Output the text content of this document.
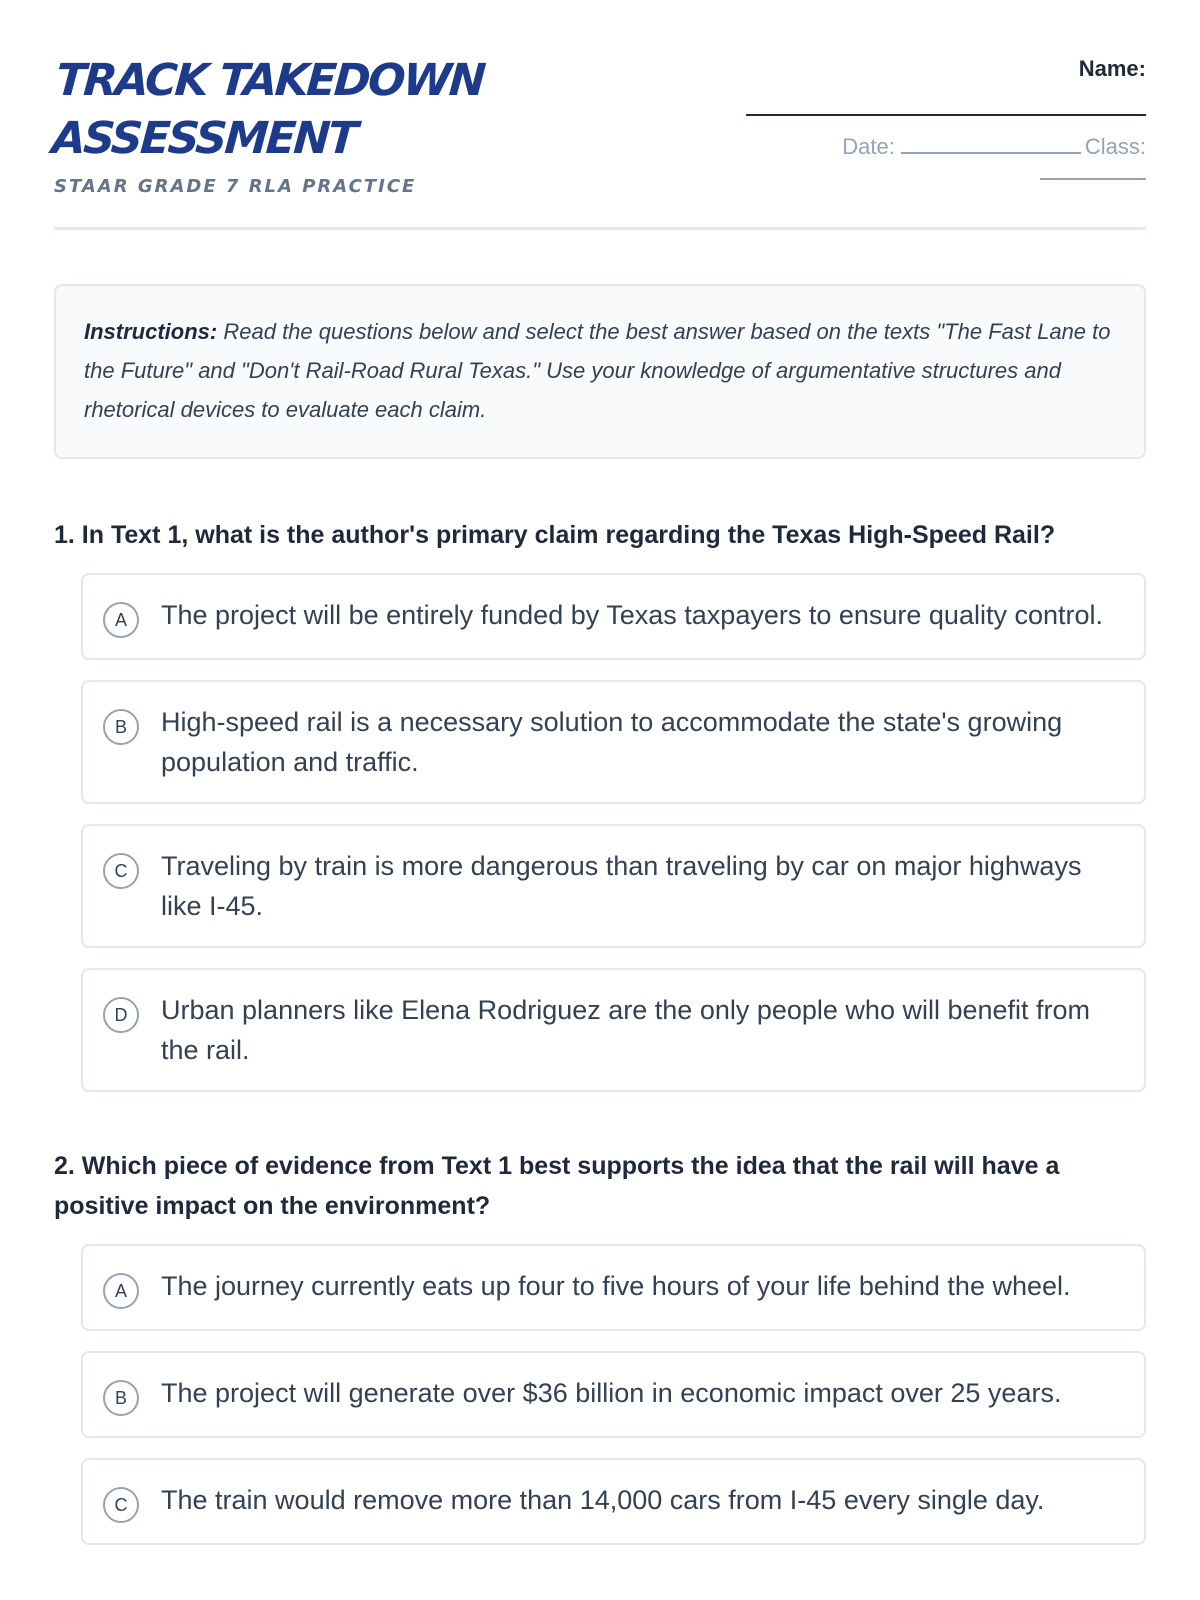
TRACK TAKEDOWN ASSESSMENT
STAAR GRADE 7 RLA PRACTICE
Name:
Date:	Class:
Instructions: Read the questions below and select the best answer based on the texts "The Fast Lane to the Future" and "Don't Rail-Road Rural Texas." Use your knowledge of argumentative structures and rhetorical devices to evaluate each claim.

1. In Text 1, what is the author's primary claim regarding the Texas High-Speed Rail?

A	The project will be entirely funded by Texas taxpayers to ensure quality control.
B	High-speed rail is a necessary solution to accommodate the state's growing population and traffic.
C	Traveling by train is more dangerous than traveling by car on major highways like I-45.
D	Urban planners like Elena Rodriguez are the only people who will benefit from the rail.

2. Which piece of evidence from Text 1 best supports the idea that the rail will have a positive impact on the environment?

A	The journey currently eats up four to five hours of your life behind the wheel.
B	The project will generate over $36 billion in economic impact over 25 years.
C	The train would remove more than 14,000 cars from I-45 every single day.
